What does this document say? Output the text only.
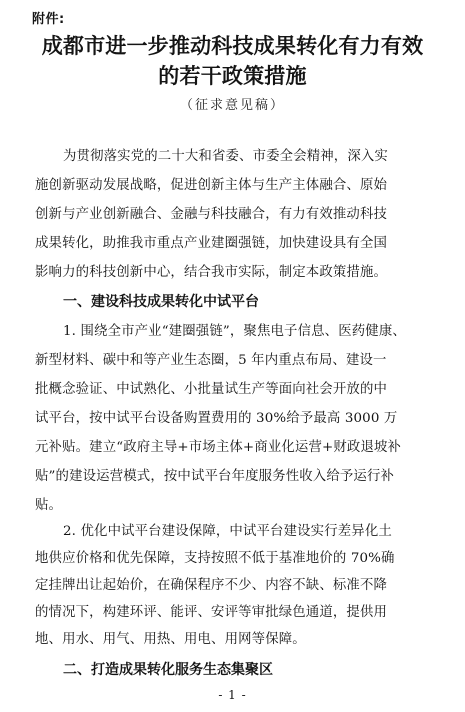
附件:
成都市进一步推动科技成果转化有力有效
的若干政策措施
（征求意见稿）
为贯彻落实党的二十大和省委、市委全会精神，深入实
施创新驱动发展战略，促进创新主体与生产主体融合、原始
创新与产业创新融合、金融与科技融合，有力有效推动科技
成果转化，助推我市重点产业建圈强链，加快建设具有全国
影响力的科技创新中心，结合我市实际，制定本政策措施。
一、建设科技成果转化中试平台
1. 围绕全市产业“建圈强链”，聚焦电子信息、医药健康、
新型材料、碳中和等产业生态圈，5 年内重点布局、建设一
批概念验证、中试熟化、小批量试生产等面向社会开放的中
试平台，按中试平台设备购置费用的 30%给予最高 3000 万
元补贴。建立“政府主导+市场主体+商业化运营+财政退坡补
贴”的建设运营模式，按中试平台年度服务性收入给予运行补
贴。
2. 优化中试平台建设保障，中试平台建设实行差异化土
地供应价格和优先保障，支持按照不低于基准地价的 70%确
定挂牌出让起始价，在确保程序不少、内容不缺、标准不降
的情况下，构建环评、能评、安评等审批绿色通道，提供用
地、用水、用气、用热、用电、用网等保障。
二、打造成果转化服务生态集聚区
- 1 -
